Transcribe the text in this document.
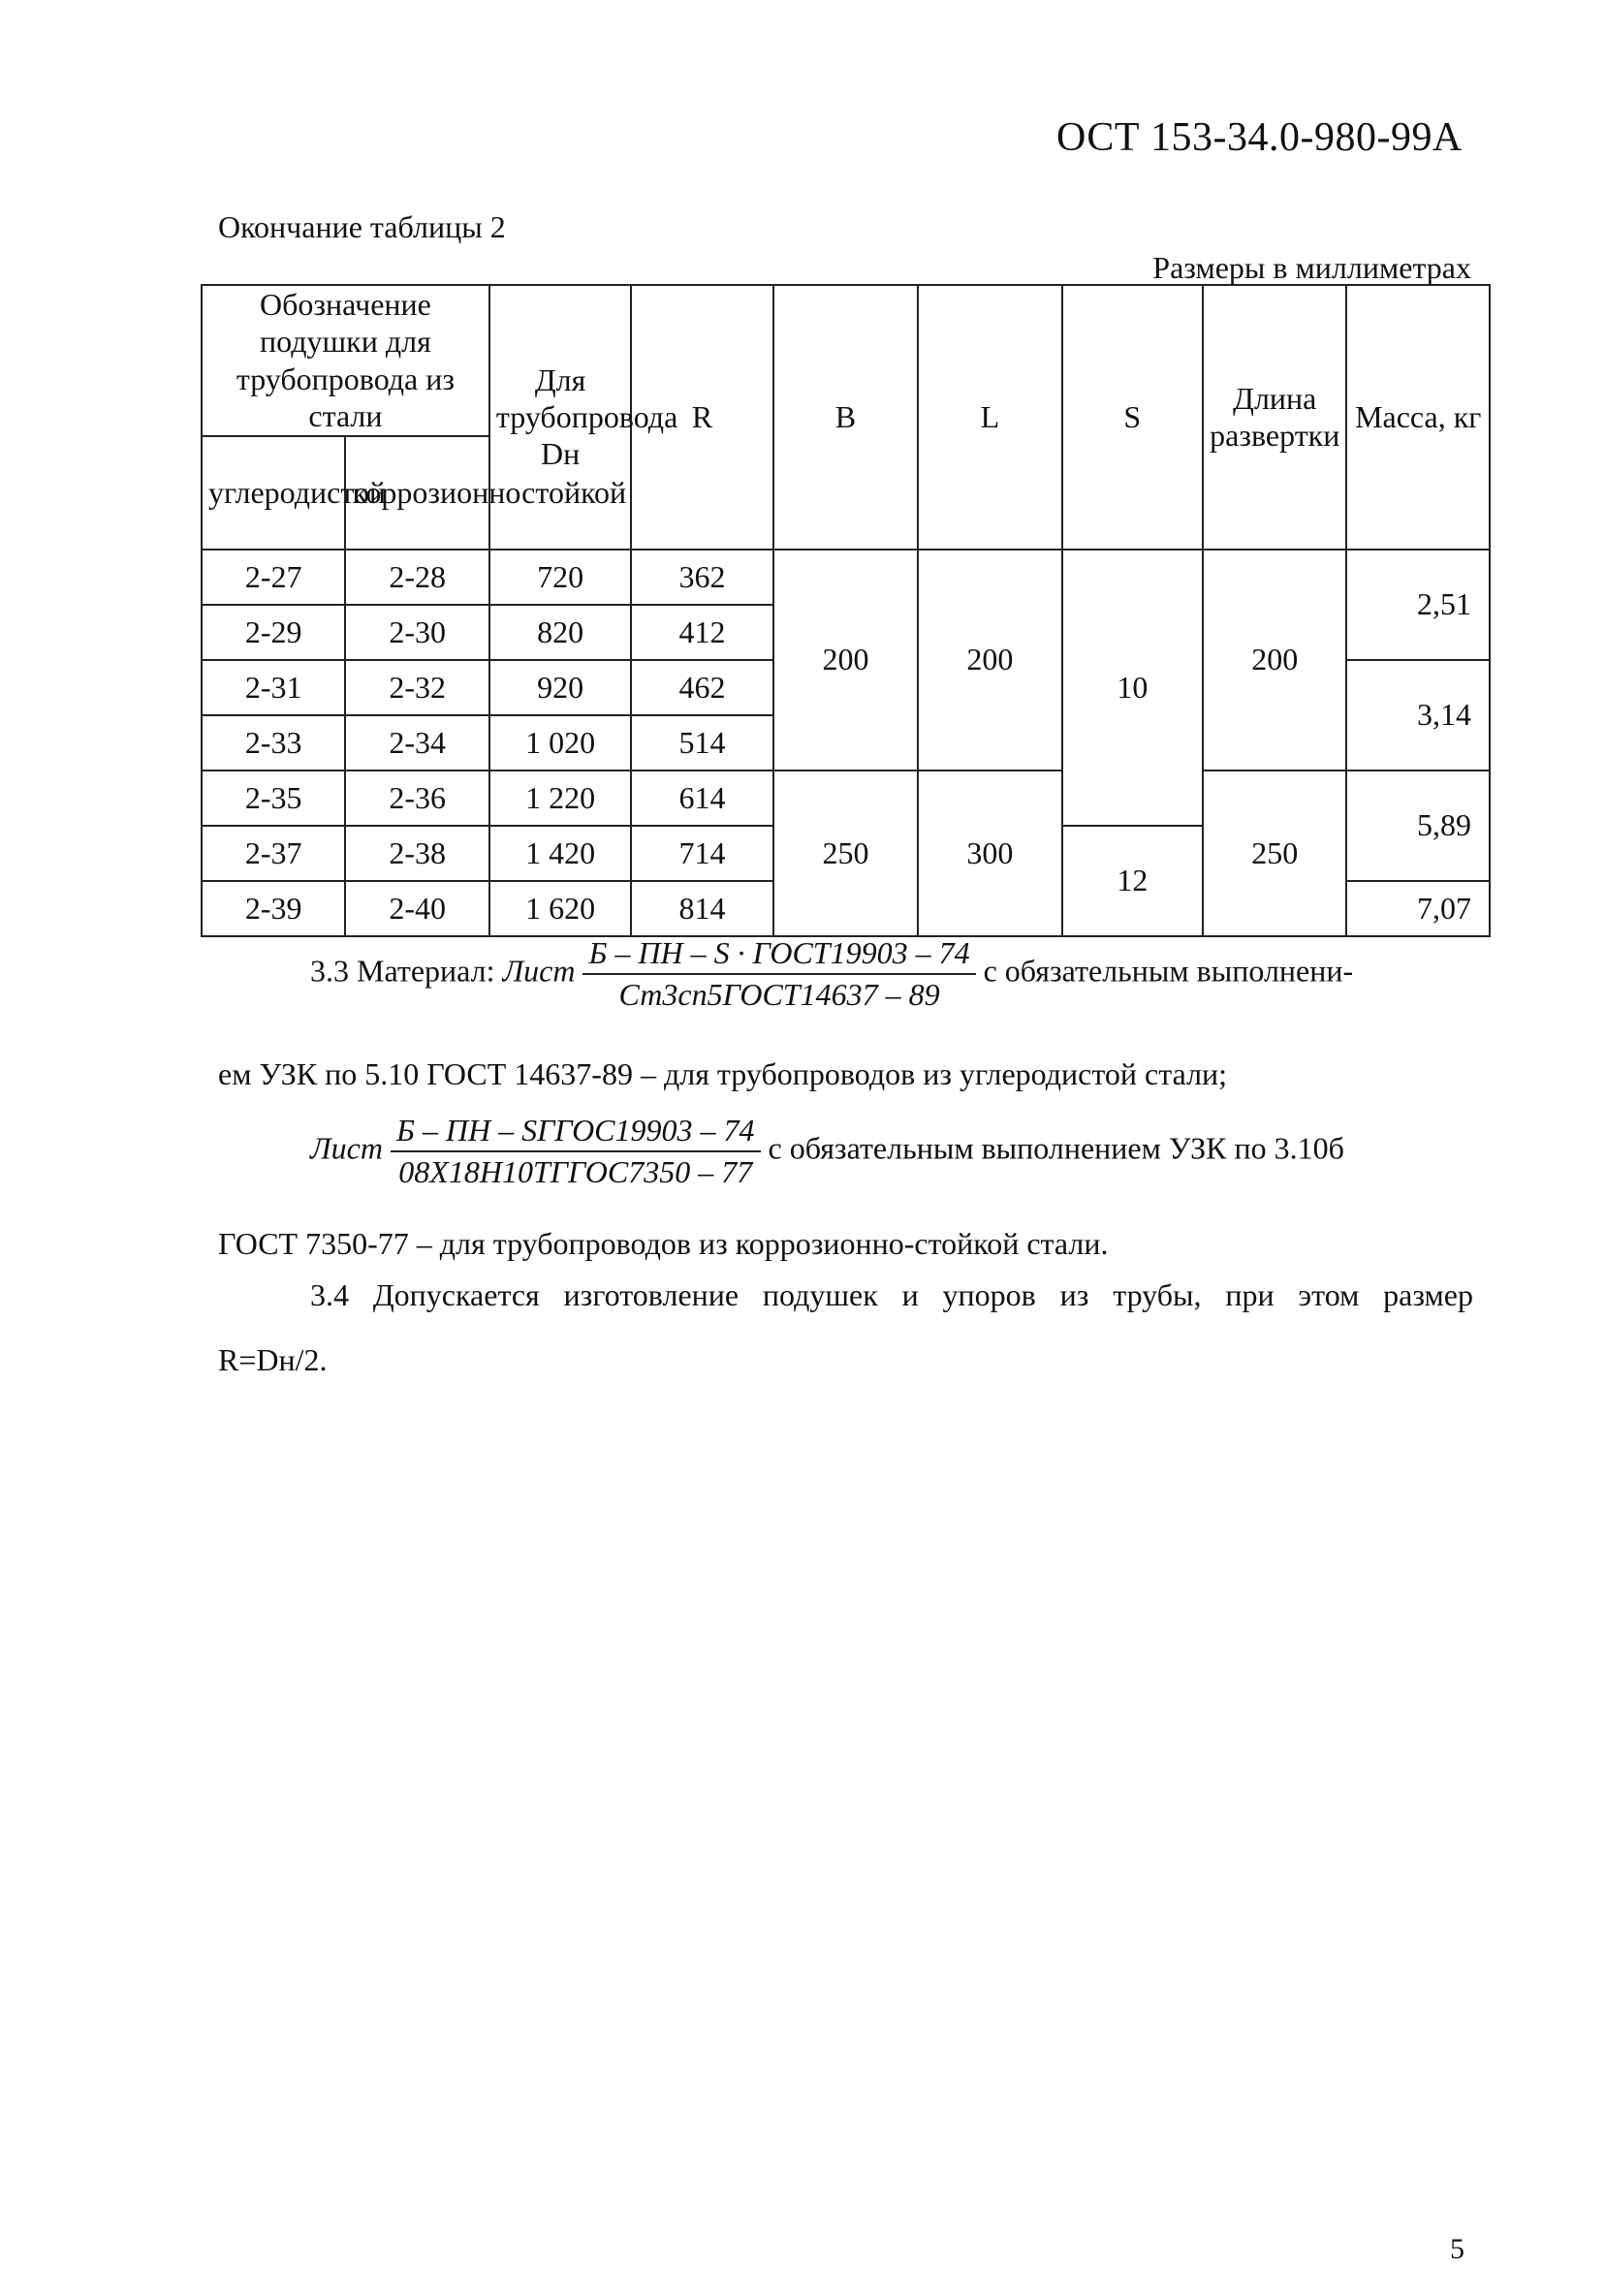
ОСТ 153-34.0-980-99А
Окончание таблицы 2
Размеры в миллиметрах
Обозначение подушки для трубопровода из стали		Для трубопровода Dн	R	B	L	S	Длина развертки	Масса, кг
углеродистой	коррозионностойкой							
2-27	2-28	720	362	200	200	10	200	2,51
2-29	2-30	820	412					
2-31	2-32	920	462					3,14
2-33	2-34	1 020	514					
2-35	2-36	1 220	614	250	300		250	5,89
2-37	2-38	1 420	714			12		
2-39	2-40	1 620	814					7,07
3.3 Материал: Лист $\frac{\text{Б – ПН – S · ГОСТ19903 – 74}}{\text{Ст3сп5ГОСТ14637 – 89}}$ с обязательным выполнени-
ем УЗК по 5.10 ГОСТ 14637-89 – для трубопроводов из углеродистой стали;
Лист $\frac{\text{Б – ПН – SГГОС19903 – 74}}{\text{08Х18Н10ТГГОС7350 – 77}}$ с обязательным выполнением УЗК по 3.10б
ГОСТ 7350-77 – для трубопроводов из коррозионно-стойкой стали.
3.4 Допускается изготовление подушек и упоров из трубы, при этом размер
R=Dн/2.
5
